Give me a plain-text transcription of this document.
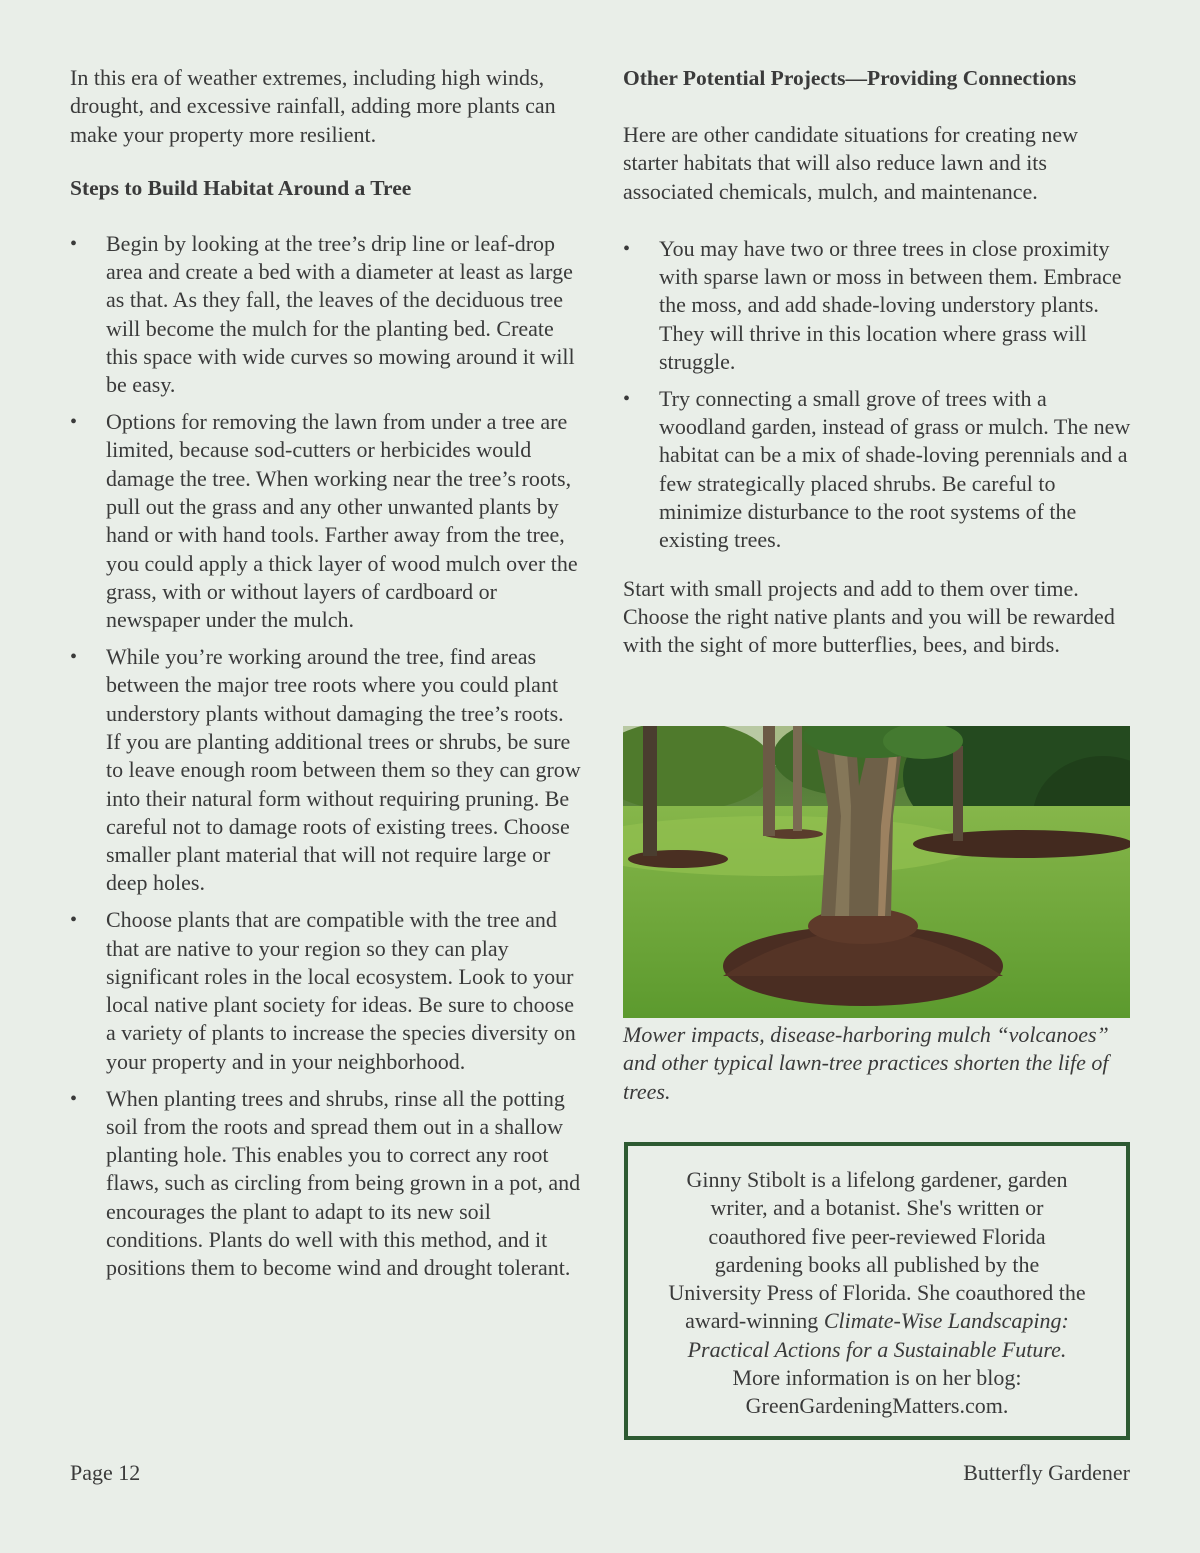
In this era of weather extremes, including high winds, drought, and excessive rainfall, adding more plants can make your property more resilient.

Steps to Build Habitat Around a Tree

• Begin by looking at the tree’s drip line or leaf-drop area and create a bed with a diameter at least as large as that. As they fall, the leaves of the deciduous tree will become the mulch for the planting bed. Create this space with wide curves so mowing around it will be easy.
• Options for removing the lawn from under a tree are limited, because sod-cutters or herbicides would damage the tree. When working near the tree’s roots, pull out the grass and any other unwanted plants by hand or with hand tools. Farther away from the tree, you could apply a thick layer of wood mulch over the grass, with or without layers of cardboard or newspaper under the mulch.
• While you’re working around the tree, find areas between the major tree roots where you could plant understory plants without damaging the tree’s roots. If you are planting additional trees or shrubs, be sure to leave enough room between them so they can grow into their natural form without requiring pruning. Be careful not to damage roots of existing trees. Choose smaller plant material that will not require large or deep holes.
• Choose plants that are compatible with the tree and that are native to your region so they can play significant roles in the local ecosystem. Look to your local native plant society for ideas. Be sure to choose a variety of plants to increase the species diversity on your property and in your neighborhood.
• When planting trees and shrubs, rinse all the potting soil from the roots and spread them out in a shallow planting hole. This enables you to correct any root flaws, such as circling from being grown in a pot, and encourages the plant to adapt to its new soil conditions. Plants do well with this method, and it positions them to become wind and drought tolerant.

Other Potential Projects—Providing Connections

Here are other candidate situations for creating new starter habitats that will also reduce lawn and its associated chemicals, mulch, and maintenance.

• You may have two or three trees in close proximity with sparse lawn or moss in between them. Embrace the moss, and add shade-loving understory plants. They will thrive in this location where grass will struggle.
• Try connecting a small grove of trees with a woodland garden, instead of grass or mulch. The new habitat can be a mix of shade-loving perennials and a few strategically placed shrubs. Be careful to minimize disturbance to the root systems of the existing trees.

Start with small projects and add to them over time. Choose the right native plants and you will be rewarded with the sight of more butterflies, bees, and birds.

Mower impacts, disease-harboring mulch “volcanoes” and other typical lawn-tree practices shorten the life of trees.

Ginny Stibolt is a lifelong gardener, garden writer, and a botanist. She's written or coauthored five peer-reviewed Florida gardening books all published by the University Press of Florida. She coauthored the award-winning Climate-Wise Landscaping: Practical Actions for a Sustainable Future. More information is on her blog: GreenGardeningMatters.com.
Page 12	Butterfly Gardener
